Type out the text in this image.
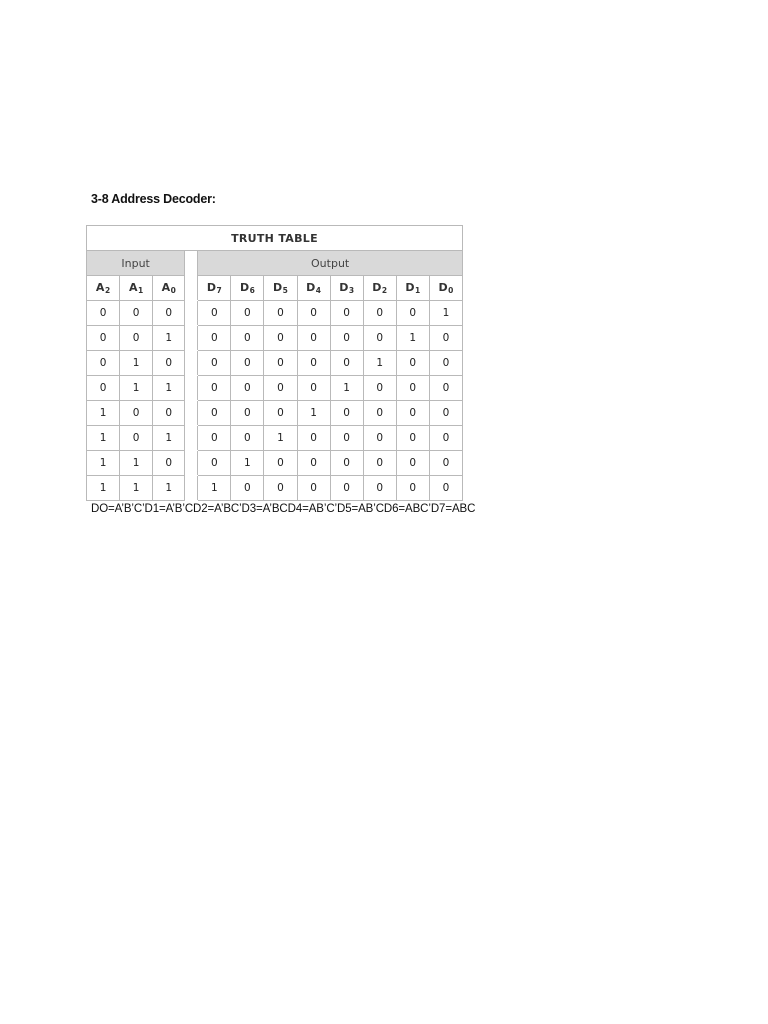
3-8 Address Decoder:
TRUTH TABLE											
Input				Output							
$A_2$	$A_1$	$A_0$		$D_7$	$D_6$	$D_5$	$D_4$	$D_3$	$D_2$	$D_1$	$D_0$
0	0	0		0	0	0	0	0	0	0	1
0	0	1		0	0	0	0	0	0	1	0
0	1	0		0	0	0	0	0	1	0	0
0	1	1		0	0	0	0	1	0	0	0
1	0	0		0	0	0	1	0	0	0	0
1	0	1		0	0	1	0	0	0	0	0
1	1	0		0	1	0	0	0	0	0	0
1	1	1		1	0	0	0	0	0	0	0
DO=A’B’C’D1=A’B’CD2=A’BC’D3=A’BCD4=AB’C’D5=AB’CD6=ABC’D7=ABC
